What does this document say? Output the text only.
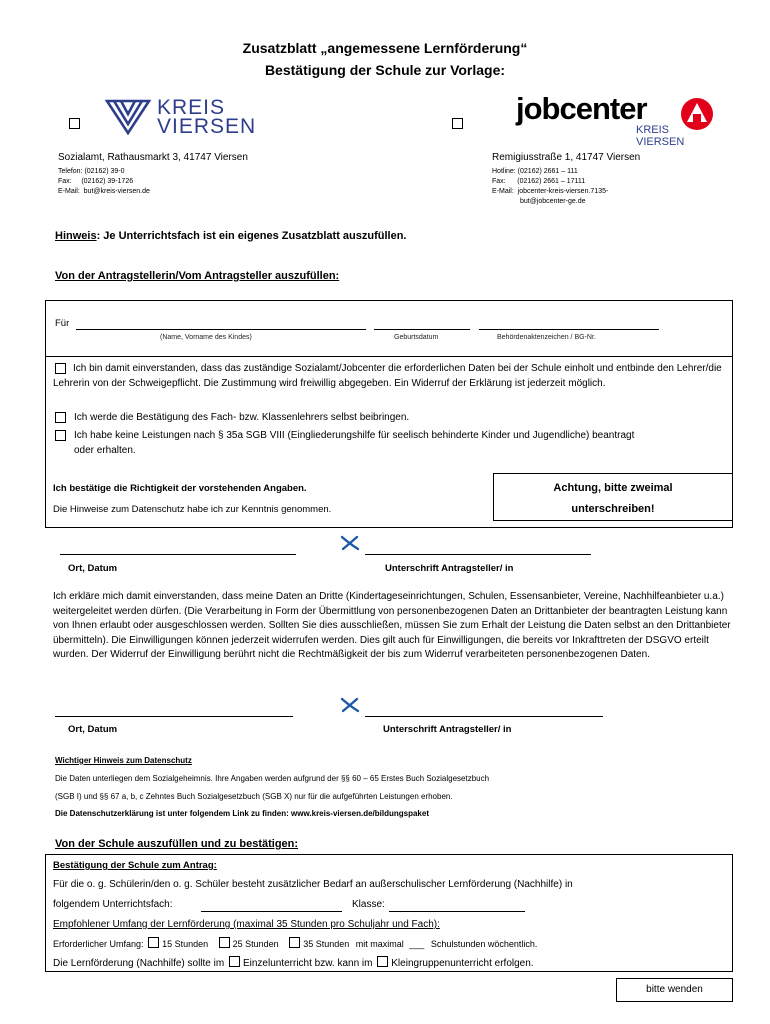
Zusatzblatt „angemessene Lernförderung“
Bestätigung der Schule zur Vorlage:
KREIS
VIERSEN
Sozialamt, Rathausmarkt 3, 41747 Viersen
Telefon: (02162) 39-0
Fax:     (02162) 39-1726
E-Mail:  but@kreis-viersen.de
jobcenter
KREIS
VIERSEN
Remigiusstraße 1, 41747 Viersen
Hotline: (02162) 2661 – 111
Fax:      (02162) 2661 – 17111
E-Mail:  jobcenter-kreis-viersen.7135-
but@jobcenter-ge.de
Hinweis: Je Unterrichtsfach ist ein eigenes Zusatzblatt auszufüllen.
Von der Antragstellerin/Vom Antragsteller auszufüllen:
Für
(Name, Vorname des Kindes)	Geburtsdatum	Behördenaktenzeichen / BG-Nr.
Ich bin damit einverstanden, dass das zuständige Sozialamt/Jobcenter die erforderlichen Daten bei der Schule einholt und entbinde den Lehrer/die Lehrerin von der Schweigepflicht. Die Zustimmung wird freiwillig abgegeben. Ein Widerruf der Erklärung ist jederzeit möglich.
Ich werde die Bestätigung des Fach- bzw. Klassenlehrers selbst beibringen.
Ich habe keine Leistungen nach § 35a SGB VIII (Eingliederungshilfe für seelisch behinderte Kinder und Jugendliche) beantragt oder erhalten.
Ich bestätige die Richtigkeit der vorstehenden Angaben.
Die Hinweise zum Datenschutz habe ich zur Kenntnis genommen.
Achtung, bitte zweimal
unterschreiben!
Ort, Datum	Unterschrift Antragsteller/ in
Ich erkläre mich damit einverstanden, dass meine Daten an Dritte (Kindertageseinrichtungen, Schulen, Essensanbieter, Vereine, Nachhilfeanbieter u.a.) weitergeleitet werden dürfen. (Die Verarbeitung in Form der Übermittlung von personenbezogenen Daten an Drittanbieter der beantragten Leistung kann von Ihnen erlaubt oder ausgeschlossen werden. Sollten Sie dies ausschließen, müssen Sie zum Erhalt der Leistung die Daten selbst an den Drittanbieter übermitteln). Die Einwilligungen können jederzeit widerrufen werden. Dies gilt auch für Einwilligungen, die bereits vor Inkrafttreten der DSGVO erteilt wurden. Der Widerruf der Einwilligung berührt nicht die Rechtmäßigkeit der bis zum Widerruf verarbeiteten personenbezogenen Daten.
Ort, Datum	Unterschrift Antragsteller/ in
Wichtiger Hinweis zum Datenschutz
Die Daten unterliegen dem Sozialgeheimnis. Ihre Angaben werden aufgrund der §§ 60 – 65 Erstes Buch Sozialgesetzbuch
(SGB I) und §§ 67 a, b, c Zehntes Buch Sozialgesetzbuch (SGB X) nur für die aufgeführten Leistungen erhoben.
Die Datenschutzerklärung ist unter folgendem Link zu finden: www.kreis-viersen.de/bildungspaket
Von der Schule auszufüllen und zu bestätigen:
Bestätigung der Schule zum Antrag:
Für die o. g. Schülerin/den o. g. Schüler besteht zusätzlicher Bedarf an außerschulischer Lernförderung (Nachhilfe) in
folgendem Unterrichtsfach:	Klasse:
Empfohlener Umfang der Lernförderung (maximal 35 Stunden pro Schuljahr und Fach):
Erforderlicher Umfang: 15 Stunden	25 Stunden	35 Stunden mit maximal ___ Schulstunden wöchentlich.
Die Lernförderung (Nachhilfe) sollte im Einzelunterricht bzw. kann im Kleingruppenunterricht erfolgen.
bitte wenden
